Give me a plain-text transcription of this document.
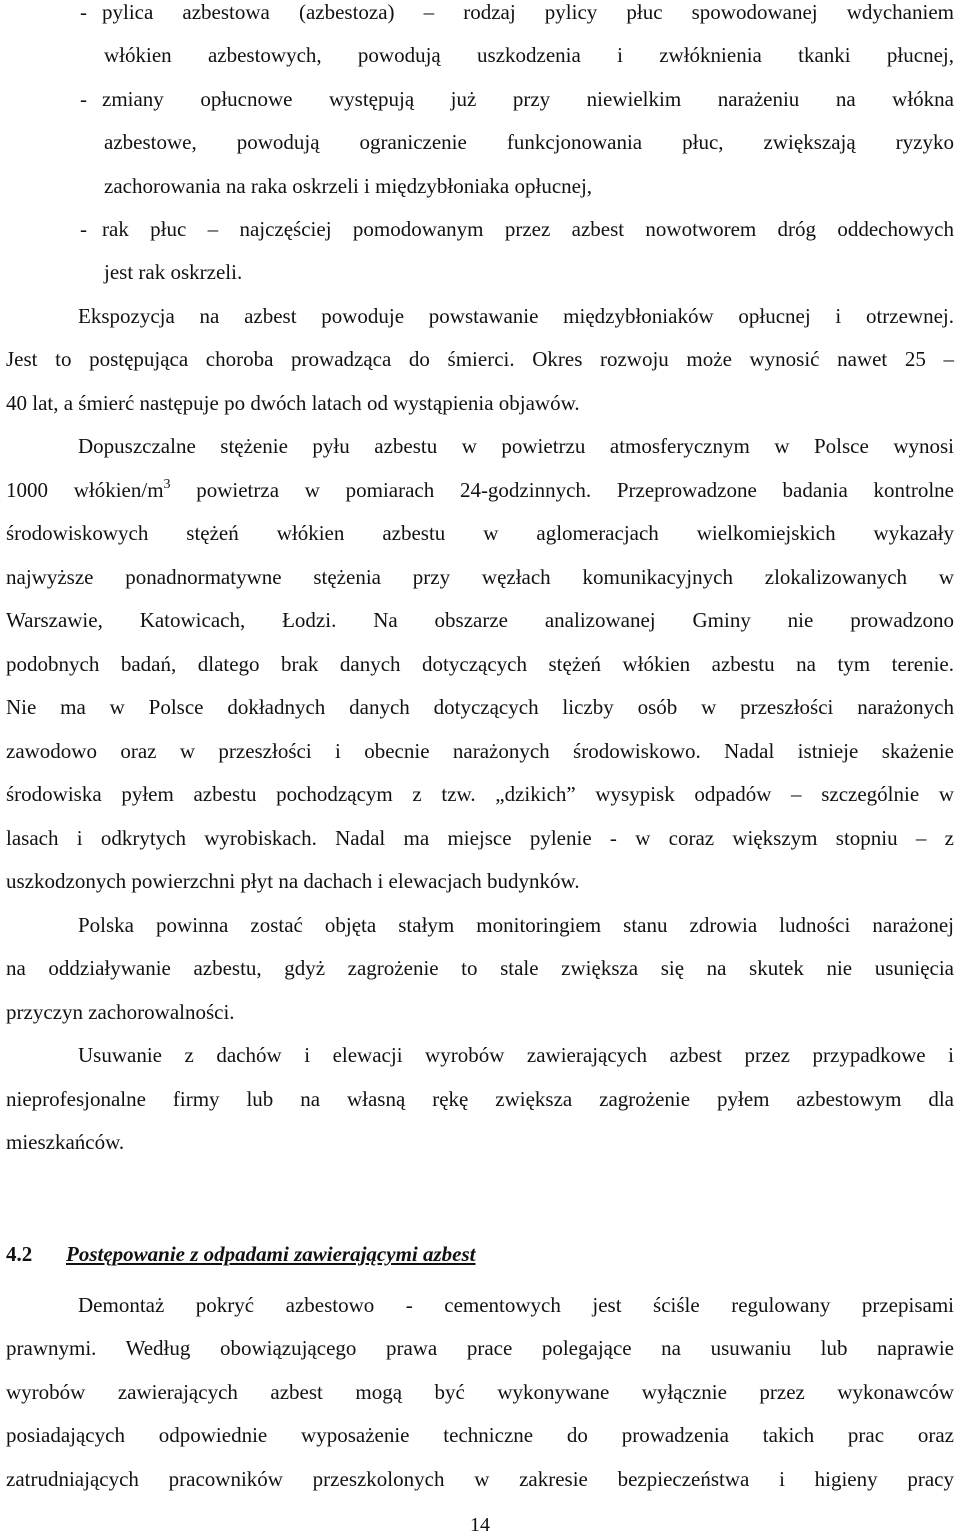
- pylica azbestowa (azbestoza) – rodzaj pylicy płuc spowodowanej wdychaniem
włókien azbestowych, powodują uszkodzenia i zwłóknienia tkanki płucnej,
- zmiany opłucnowe występują już przy niewielkim narażeniu na włókna
azbestowe, powodują ograniczenie funkcjonowania płuc, zwiększają ryzyko
zachorowania na raka oskrzeli i międzybłoniaka opłucnej,
- rak płuc – najczęściej pomodowanym przez azbest nowotworem dróg oddechowych
jest rak oskrzeli.
Ekspozycja na azbest powoduje powstawanie międzybłoniaków opłucnej i otrzewnej.
Jest to postępująca choroba prowadząca do śmierci. Okres rozwoju może wynosić nawet 25 –
40 lat, a śmierć następuje po dwóch latach od wystąpienia objawów.
Dopuszczalne stężenie pyłu azbestu w powietrzu atmosferycznym w Polsce wynosi
1000 włókien/$m^3$ powietrza w pomiarach 24-godzinnych. Przeprowadzone badania kontrolne
środowiskowych stężeń włókien azbestu w aglomeracjach wielkomiejskich wykazały
najwyższe ponadnormatywne stężenia przy węzłach komunikacyjnych zlokalizowanych w
Warszawie, Katowicach, Łodzi. Na obszarze analizowanej Gminy nie prowadzono
podobnych badań, dlatego brak danych dotyczących stężeń włókien azbestu na tym terenie.
Nie ma w Polsce dokładnych danych dotyczących liczby osób w przeszłości narażonych
zawodowo oraz w przeszłości i obecnie narażonych środowiskowo. Nadal istnieje skażenie
środowiska pyłem azbestu pochodzącym z tzw. „dzikich” wysypisk odpadów – szczególnie w
lasach i odkrytych wyrobiskach. Nadal ma miejsce pylenie - w coraz większym stopniu – z
uszkodzonych powierzchni płyt na dachach i elewacjach budynków.
Polska powinna zostać objęta stałym monitoringiem stanu zdrowia ludności narażonej
na oddziaływanie azbestu, gdyż zagrożenie to stale zwiększa się na skutek nie usunięcia
przyczyn zachorowalności.
Usuwanie z dachów i elewacji wyrobów zawierających azbest przez przypadkowe i
nieprofesjonalne firmy lub na własną rękę zwiększa zagrożenie pyłem azbestowym dla
mieszkańców.
4.2 Postępowanie z odpadami zawierającymi azbest
Demontaż pokryć azbestowo - cementowych jest ściśle regulowany przepisami
prawnymi. Według obowiązującego prawa prace polegające na usuwaniu lub naprawie
wyrobów zawierających azbest mogą być wykonywane wyłącznie przez wykonawców
posiadających odpowiednie wyposażenie techniczne do prowadzenia takich prac oraz
zatrudniających pracowników przeszkolonych w zakresie bezpieczeństwa i higieny pracy
14
